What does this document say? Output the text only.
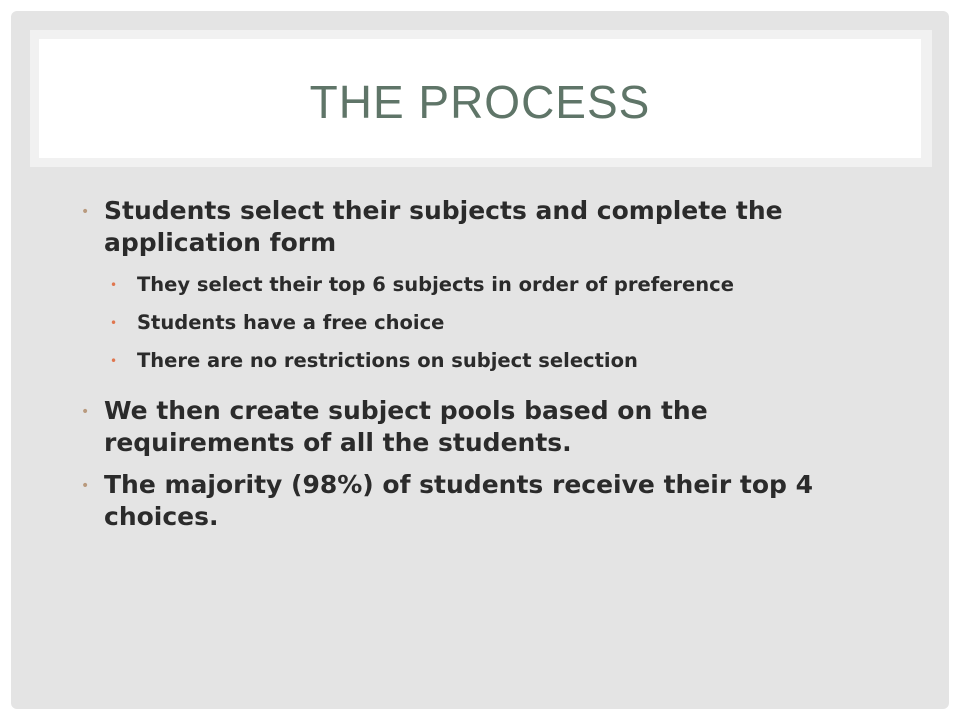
THE PROCESS
• Students select their subjects and complete the application form
• They select their top 6 subjects in order of preference
• Students have a free choice
• There are no restrictions on subject selection
• We then create subject pools based on the requirements of all the students.
• The majority (98%) of students receive their top 4 choices.
